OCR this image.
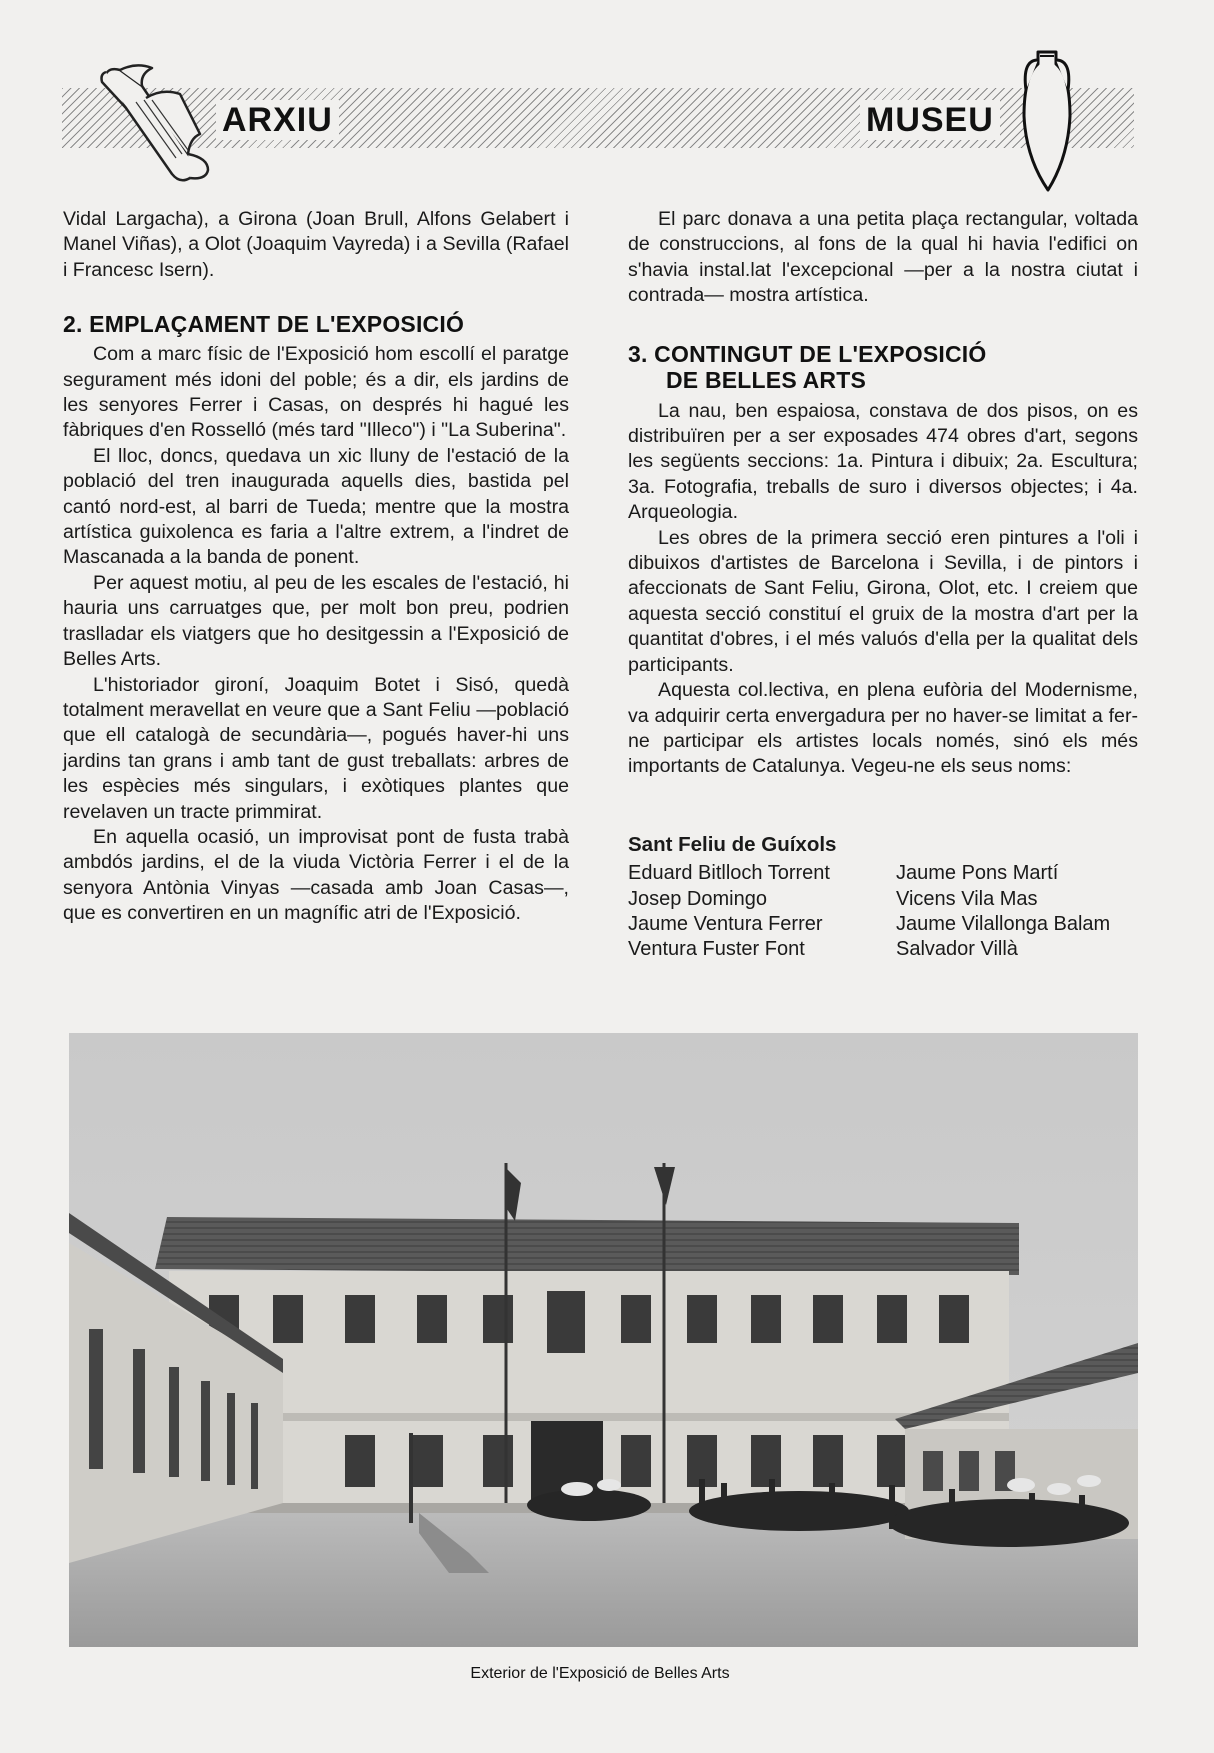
ARXIU	MUSEU

Vidal Largacha), a Girona (Joan Brull, Alfons Gelabert i Manel Viñas), a Olot (Joaquim Vayreda) i a Sevilla (Rafael i Francesc Isern).

2. EMPLAÇAMENT DE L'EXPOSICIÓ

Com a marc físic de l'Exposició hom escollí el paratge segurament més idoni del poble; és a dir, els jardins de les senyores Ferrer i Casas, on després hi hagué les fàbriques d'en Rosselló (més tard "Illeco") i "La Suberina".

El lloc, doncs, quedava un xic lluny de l'estació de la població del tren inaugurada aquells dies, bastida pel cantó nord-est, al barri de Tueda; mentre que la mostra artística guixolenca es faria a l'altre extrem, a l'indret de Mascanada a la banda de ponent.

Per aquest motiu, al peu de les escales de l'estació, hi hauria uns carruatges que, per molt bon preu, podrien traslladar els viatgers que ho desitgessin a l'Exposició de Belles Arts.

L'historiador gironí, Joaquim Botet i Sisó, quedà totalment meravellat en veure que a Sant Feliu —població que ell catalogà de secundària—, pogués haver-hi uns jardins tan grans i amb tant de gust treballats: arbres de les espècies més singulars, i exòtiques plantes que revelaven un tracte primmirat.

En aquella ocasió, un improvisat pont de fusta trabà ambdós jardins, el de la viuda Victòria Ferrer i el de la senyora Antònia Vinyas —casada amb Joan Casas—, que es convertiren en un magnífic atri de l'Exposició.

El parc donava a una petita plaça rectangular, voltada de construccions, al fons de la qual hi havia l'edifici on s'havia instal.lat l'excepcional —per a la nostra ciutat i contrada— mostra artística.

3. CONTINGUT DE L'EXPOSICIÓ
DE BELLES ARTS

La nau, ben espaiosa, constava de dos pisos, on es distribuïren per a ser exposades 474 obres d'art, segons les següents seccions: 1a. Pintura i dibuix; 2a. Escultura; 3a. Fotografia, treballs de suro i diversos objectes; i 4a. Arqueologia.

Les obres de la primera secció eren pintures a l'oli i dibuixos d'artistes de Barcelona i Sevilla, i de pintors i afeccionats de Sant Feliu, Girona, Olot, etc. I creiem que aquesta secció constituí el gruix de la mostra d'art per la quantitat d'obres, i el més valuós d'ella per la qualitat dels participants.

Aquesta col.lectiva, en plena eufòria del Modernisme, va adquirir certa envergadura per no haver-se limitat a fer-ne participar els artistes locals només, sinó els més importants de Catalunya. Vegeu-ne els seus noms:

Sant Feliu de Guíxols
Eduard Bitlloch Torrent	Jaume Pons Martí
Josep Domingo	Vicens Vila Mas
Jaume Ventura Ferrer	Jaume Vilallonga Balam
Ventura Fuster Font	Salvador Villà
Exterior de l'Exposició de Belles Arts
